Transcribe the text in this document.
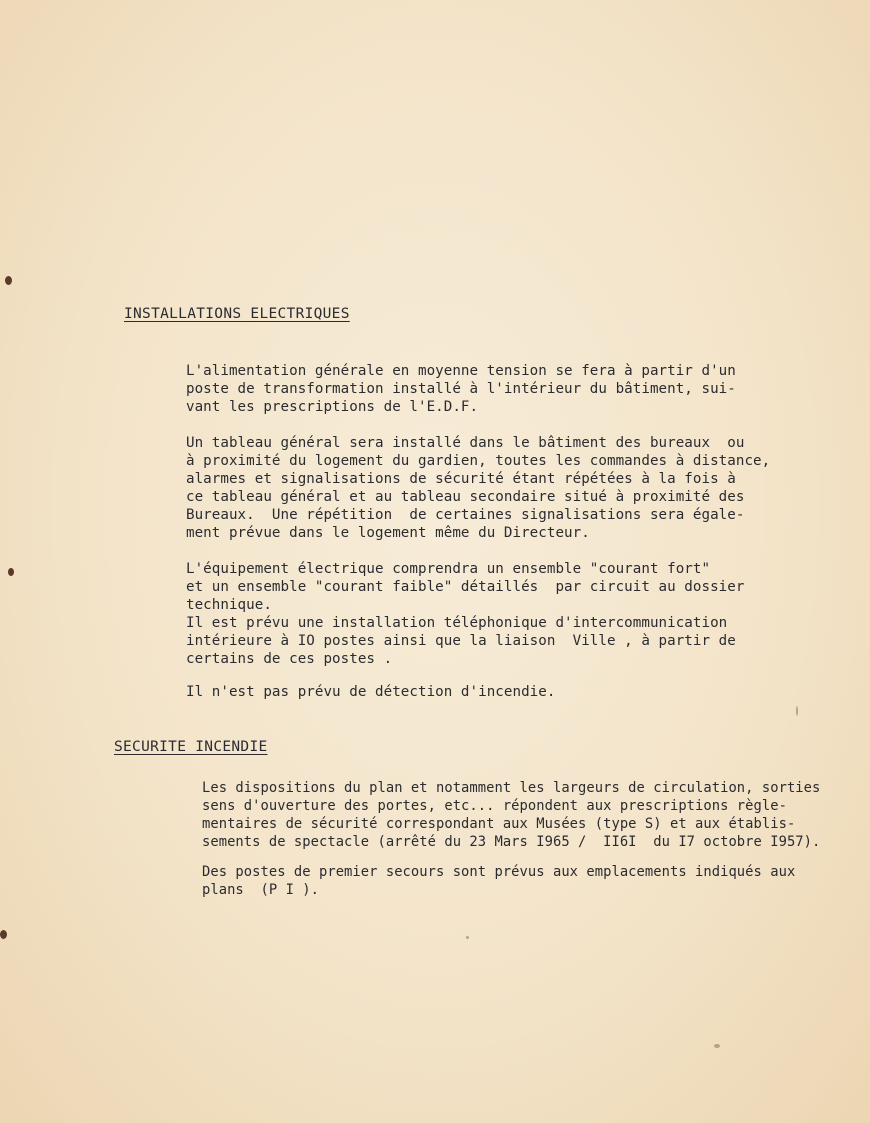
INSTALLATIONS ELECTRIQUES

L'alimentation générale en moyenne tension se fera à partir d'un
poste de transformation installé à l'intérieur du bâtiment, sui-
vant les prescriptions de l'E.D.F.

Un tableau général sera installé dans le bâtiment des bureaux  ou
à proximité du logement du gardien, toutes les commandes à distance,
alarmes et signalisations de sécurité étant répétées à la fois à
ce tableau général et au tableau secondaire situé à proximité des
Bureaux.  Une répétition  de certaines signalisations sera égale-
ment prévue dans le logement même du Directeur.

L'équipement électrique comprendra un ensemble "courant fort"
et un ensemble "courant faible" détaillés  par circuit au dossier
technique.
Il est prévu une installation téléphonique d'intercommunication
intérieure à IO postes ainsi que la liaison  Ville , à partir de
certains de ces postes .

Il n'est pas prévu de détection d'incendie.

SECURITE INCENDIE

Les dispositions du plan et notamment les largeurs de circulation, sorties
sens d'ouverture des portes, etc... répondent aux prescriptions règle-
mentaires de sécurité correspondant aux Musées (type S) et aux établis-
sements de spectacle (arrêté du 23 Mars I965 /  II6I  du I7 octobre I957).

Des postes de premier secours sont prévus aux emplacements indiqués aux
plans  (P I ).
